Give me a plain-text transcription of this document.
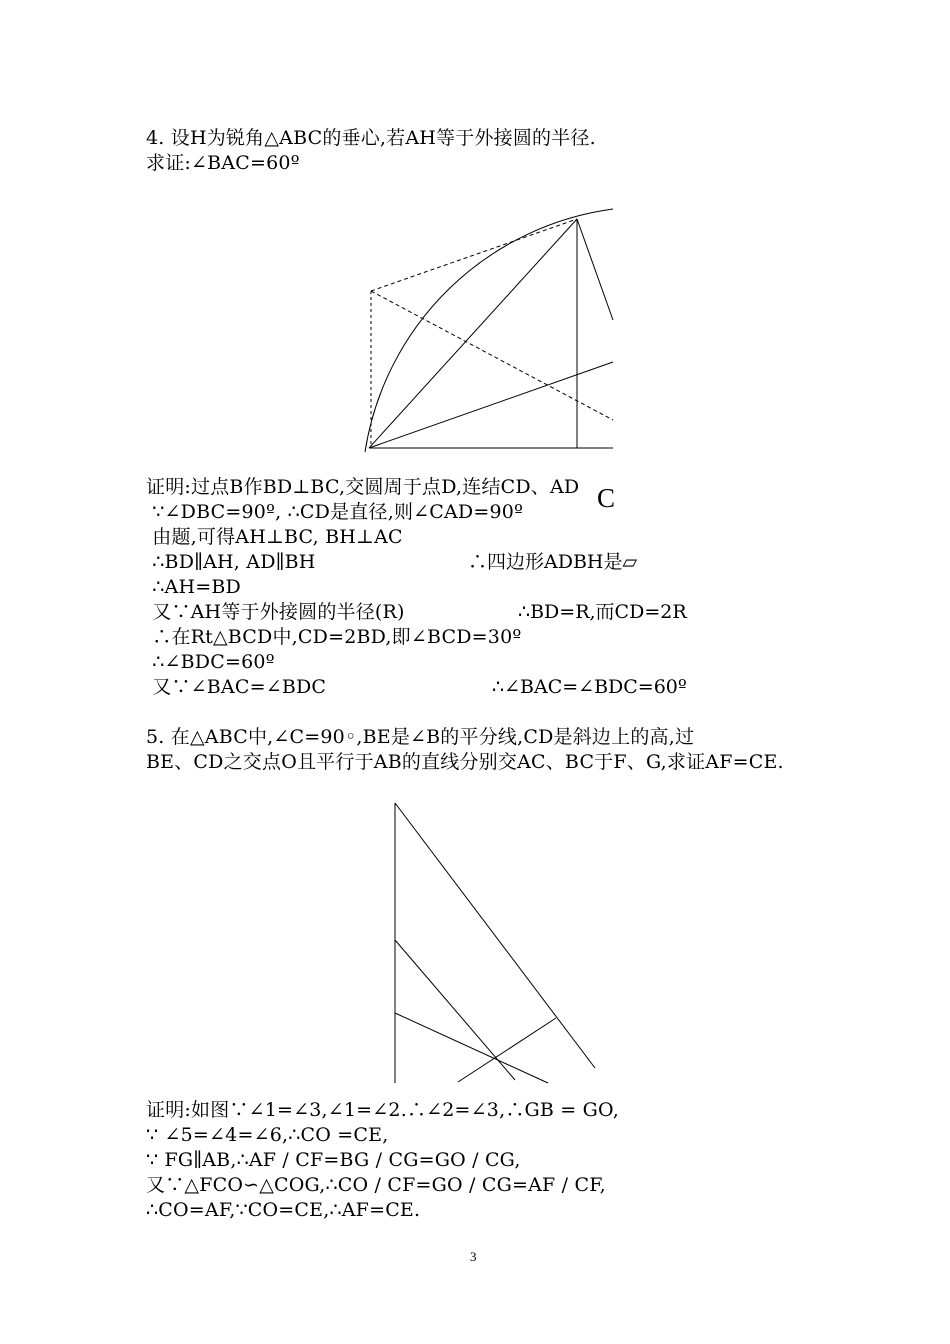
4. 设H为锐角△ABC的垂心,若AH等于外接圆的半径.
求证:∠BAC=60º
C
证明:过点B作BD⊥BC,交圆周于点D,连结CD、AD
∵∠DBC=90º, ∴CD是直径,则∠CAD=90º
由题,可得AH⊥BC, BH⊥AC
∴BD∥AH, AD∥BH	∴四边形ADBH是▱
∴AH=BD
又∵AH等于外接圆的半径(R)	∴BD=R,而CD=2R
∴在Rt△BCD中,CD=2BD,即∠BCD=30º
∴∠BDC=60º
又∵∠BAC=∠BDC	∴∠BAC=∠BDC=60º
5. 在△ABC中,∠C=90◦,BE是∠B的平分线,CD是斜边上的高,过
BE、CD之交点O且平行于AB的直线分别交AC、BC于F、G,求证AF=CE.
证明:如图∵∠1=∠3,∠1=∠2.∴∠2=∠3,∴GB = GO,
∵ ∠5=∠4=∠6,∴CO =CE,
∵ FG∥AB,∴AF / CF=BG / CG=GO / CG,
又∵△FCO∽△COG,∴CO / CF=GO / CG=AF / CF,
∴CO=AF,∵CO=CE,∴AF=CE.
3
